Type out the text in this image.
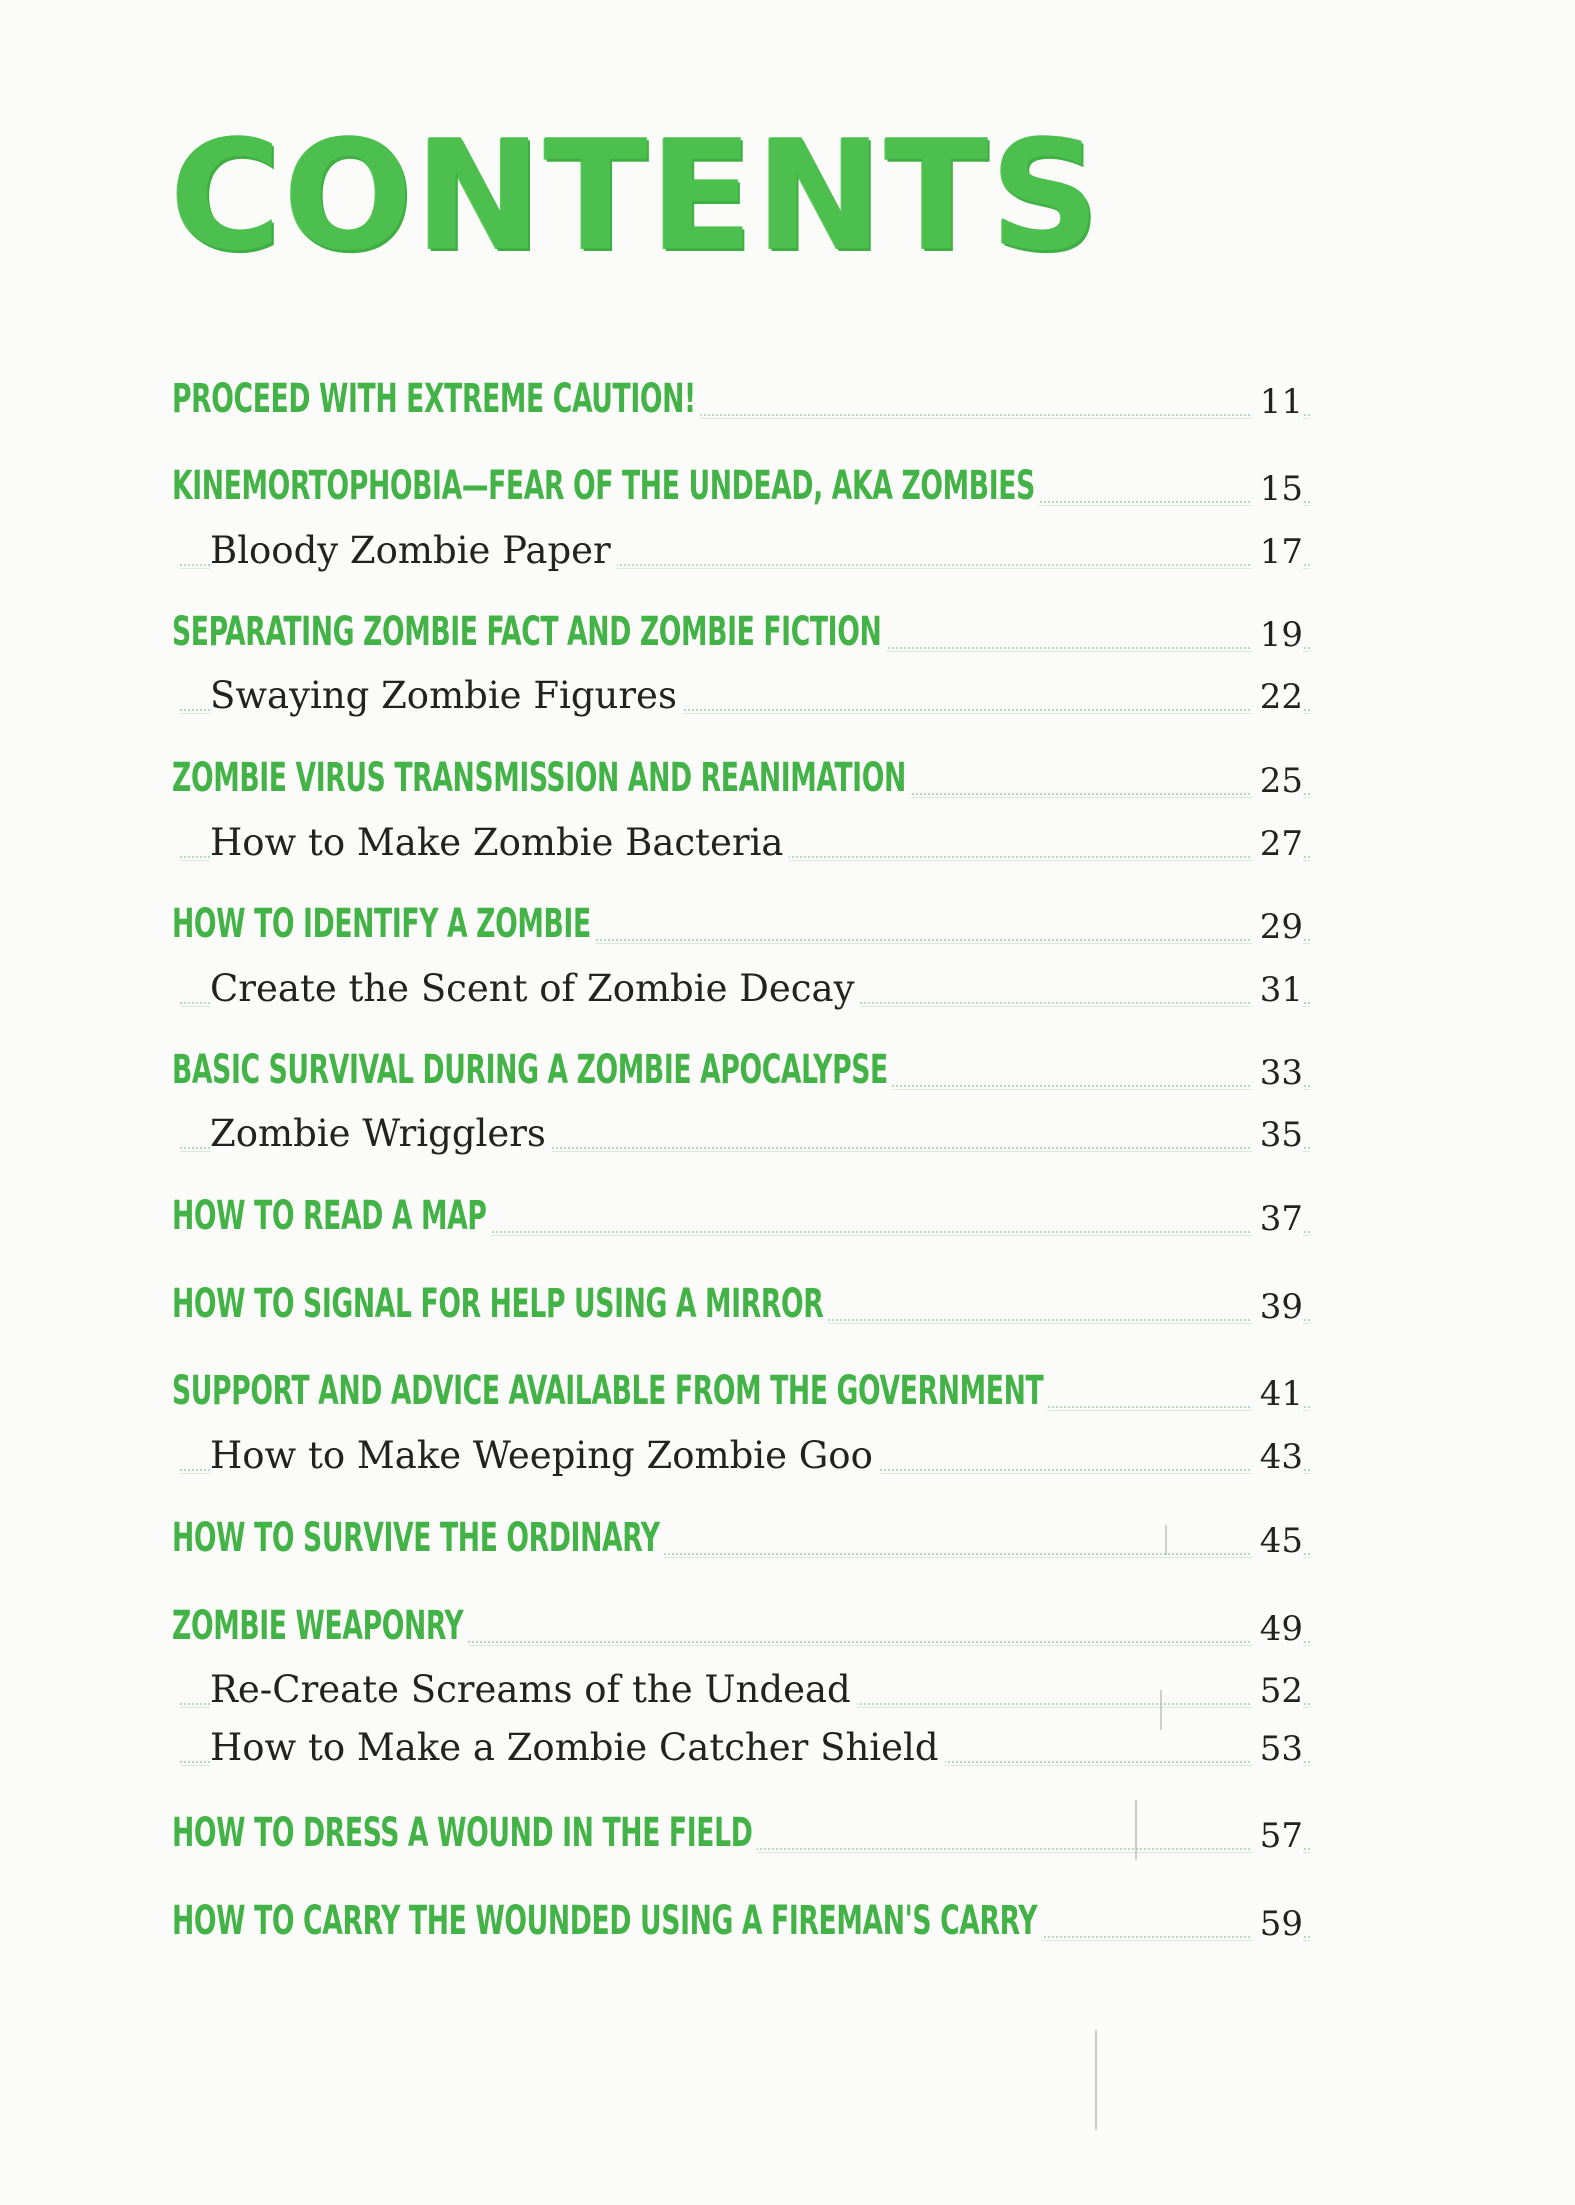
CONTENTS
PROCEED WITH EXTREME CAUTION!	11
KINEMORTOPHOBIA—FEAR OF THE UNDEAD, AKA ZOMBIES	15
Bloody Zombie Paper	17
SEPARATING ZOMBIE FACT AND ZOMBIE FICTION	19
Swaying Zombie Figures	22
ZOMBIE VIRUS TRANSMISSION AND REANIMATION	25
How to Make Zombie Bacteria	27
HOW TO IDENTIFY A ZOMBIE	29
Create the Scent of Zombie Decay	31
BASIC SURVIVAL DURING A ZOMBIE APOCALYPSE	33
Zombie Wrigglers	35
HOW TO READ A MAP	37
HOW TO SIGNAL FOR HELP USING A MIRROR	39
SUPPORT AND ADVICE AVAILABLE FROM THE GOVERNMENT	41
How to Make Weeping Zombie Goo	43
HOW TO SURVIVE THE ORDINARY	45
ZOMBIE WEAPONRY	49
Re-Create Screams of the Undead	52
How to Make a Zombie Catcher Shield	53
HOW TO DRESS A WOUND IN THE FIELD	57
HOW TO CARRY THE WOUNDED USING A FIREMAN'S CARRY	59
